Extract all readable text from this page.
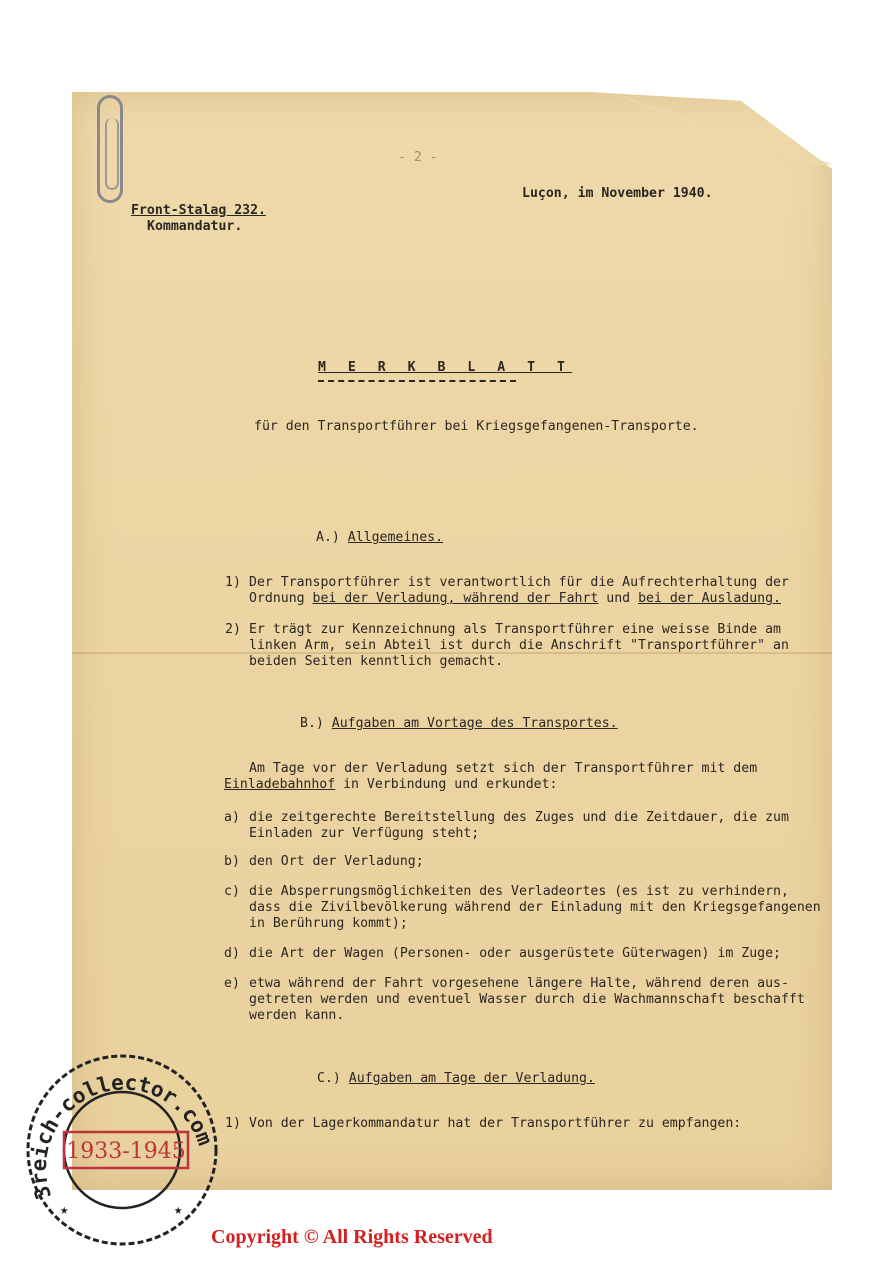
- 2 -
Luçon, im November 1940.
Front-Stalag 232.
Kommandatur.
M E R K B L A T T
für den Transportführer bei Kriegsgefangenen-Transporte.
A.) Allgemeines.
1) Der Transportführer ist verantwortlich für die Aufrechterhaltung der
Ordnung bei der Verladung, während der Fahrt und bei der Ausladung.
2) Er trägt zur Kennzeichnung als Transportführer eine weisse Binde am
linken Arm, sein Abteil ist durch die Anschrift "Transportführer" an
beiden Seiten kenntlich gemacht.
B.) Aufgaben am Vortage des Transportes.
Am Tage vor der Verladung setzt sich der Transportführer mit dem
Einladebahnhof in Verbindung und erkundet:
a) die zeitgerechte Bereitstellung des Zuges und die Zeitdauer, die zum
Einladen zur Verfügung steht;
b) den Ort der Verladung;
c) die Absperrungsmöglichkeiten des Verladeortes (es ist zu verhindern,
dass die Zivilbevölkerung während der Einladung mit den Kriegsgefangenen
in Berührung kommt);
d) die Art der Wagen (Personen- oder ausgerüstete Güterwagen) im Zuge;
e) etwa während der Fahrt vorgesehene längere Halte, während deren aus-
getreten werden und eventuel Wasser durch die Wachmannschaft beschafft
werden kann.
C.) Aufgaben am Tage der Verladung.
1) Von der Lagerkommandatur hat der Transportführer zu empfangen:
3reich-collector.com
1933-1945
★	★
Copyright © All Rights Reserved
